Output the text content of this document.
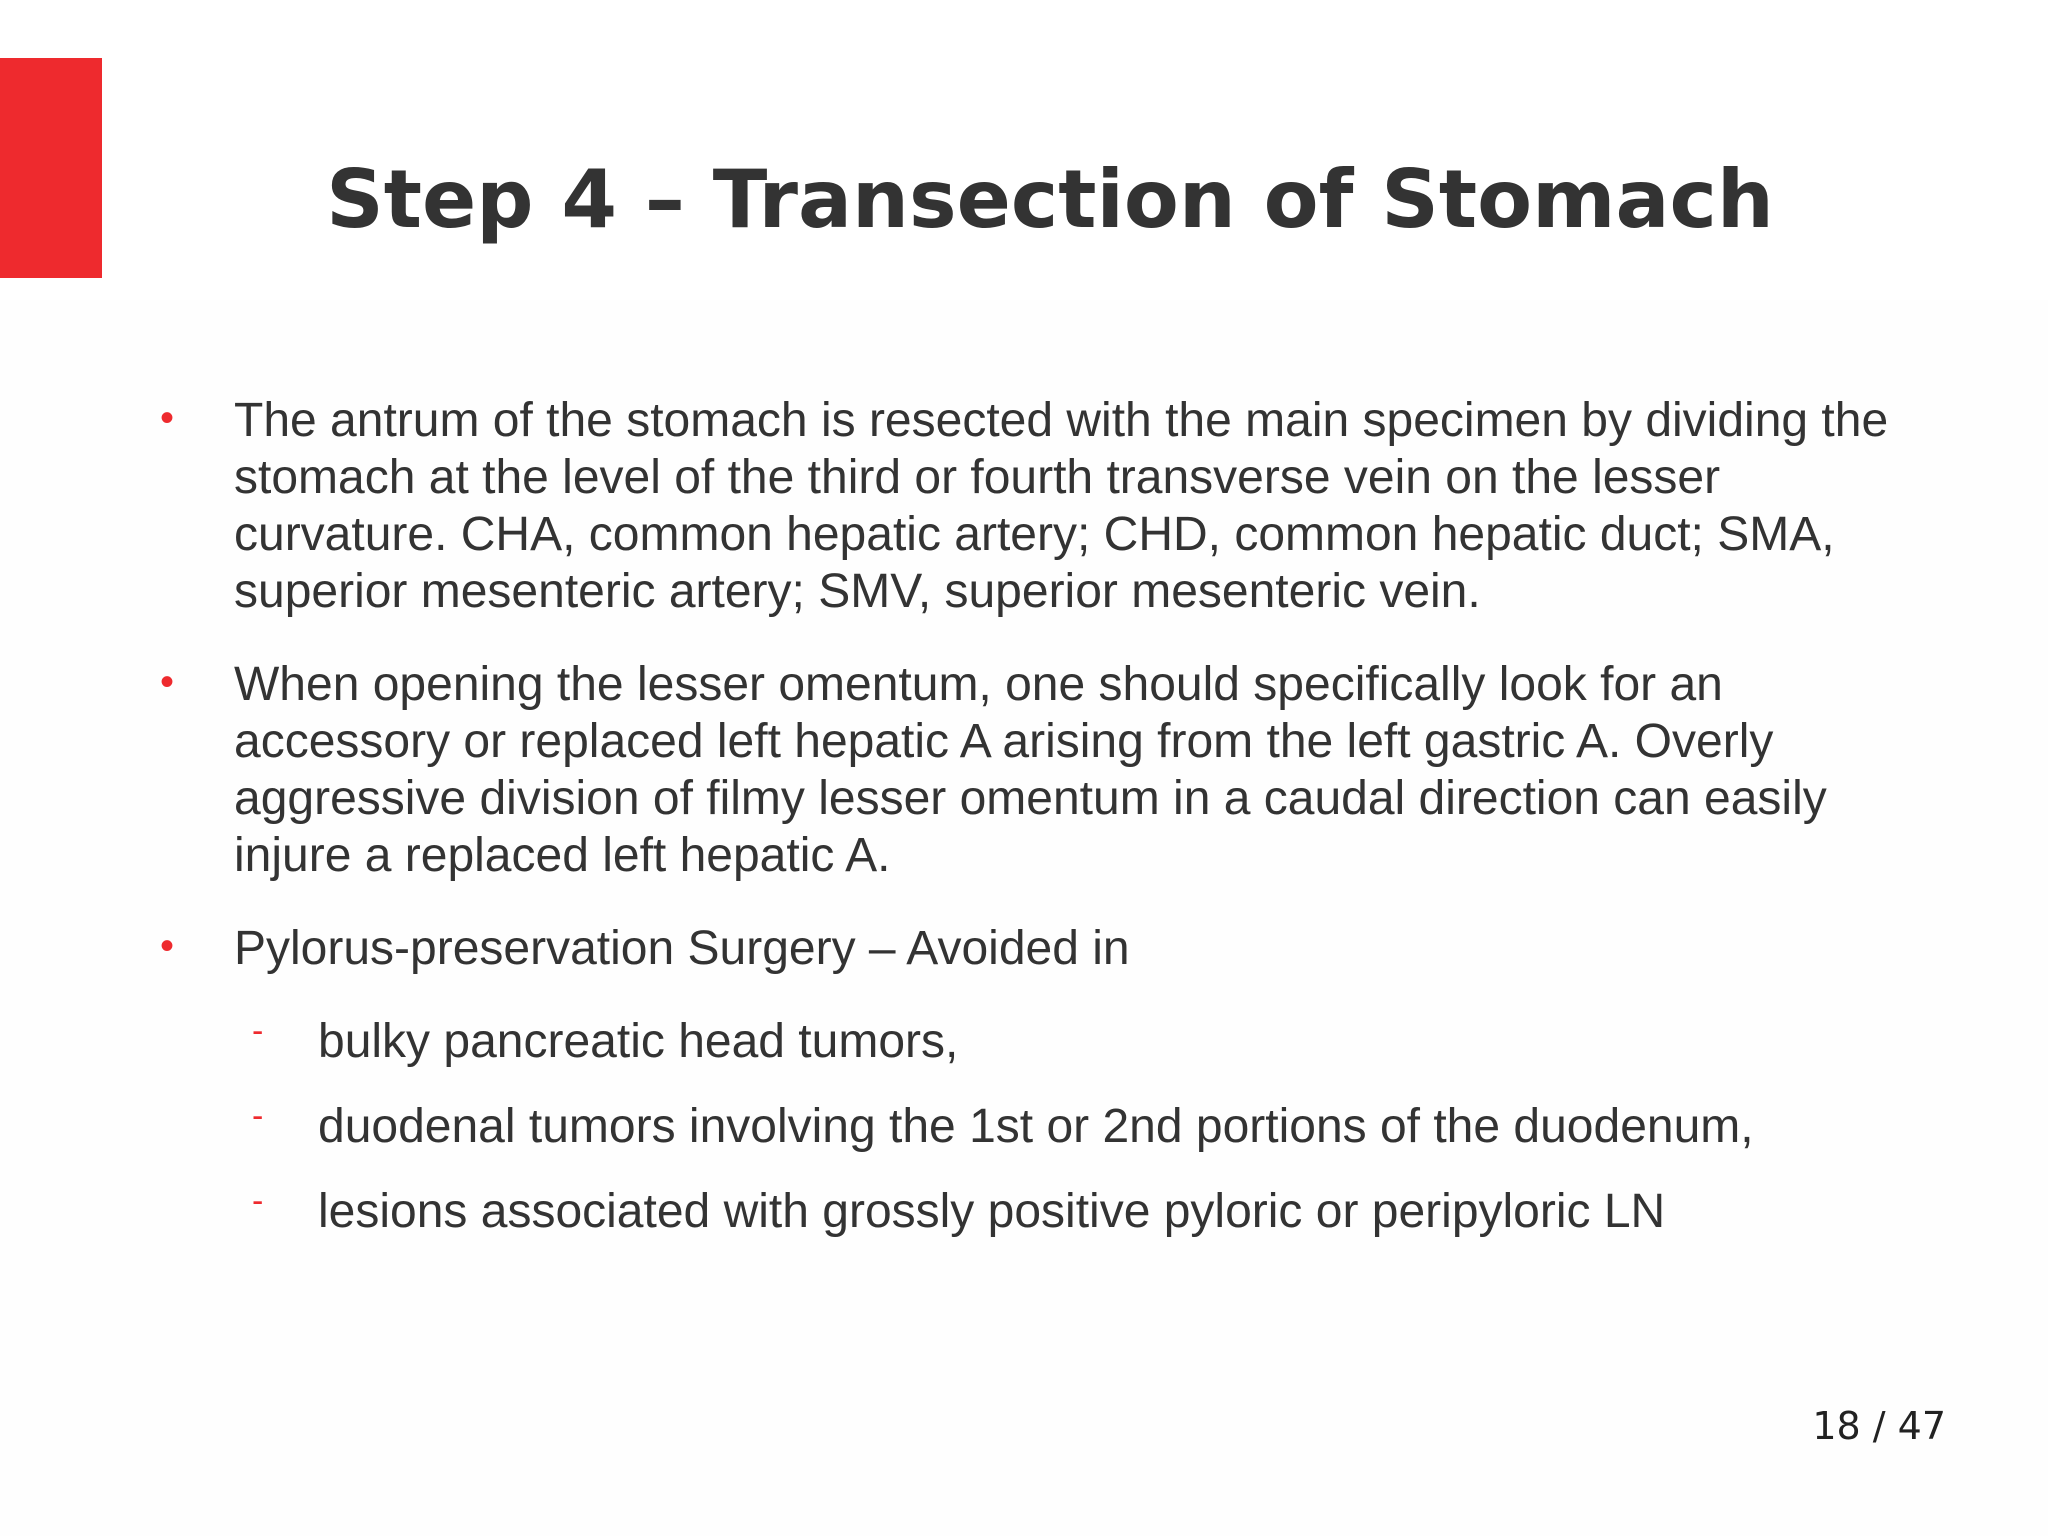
Step 4 – Transection of Stomach
•	The antrum of the stomach is resected with the main specimen by dividing the stomach at the level of the third or fourth transverse vein on the lesser curvature. CHA, common hepatic artery; CHD, common hepatic duct; SMA, superior mesenteric artery; SMV, superior mesenteric vein.
•	When opening the lesser omentum, one should specifically look for an accessory or replaced left hepatic A arising from the left gastric A. Overly aggressive division of filmy lesser omentum in a caudal direction can easily injure a replaced left hepatic A.
•	Pylorus-preservation Surgery – Avoided in
- bulky pancreatic head tumors,
- duodenal tumors involving the 1st or 2nd portions of the duodenum,
- lesions associated with grossly positive pyloric or peripyloric LN
18 / 47
